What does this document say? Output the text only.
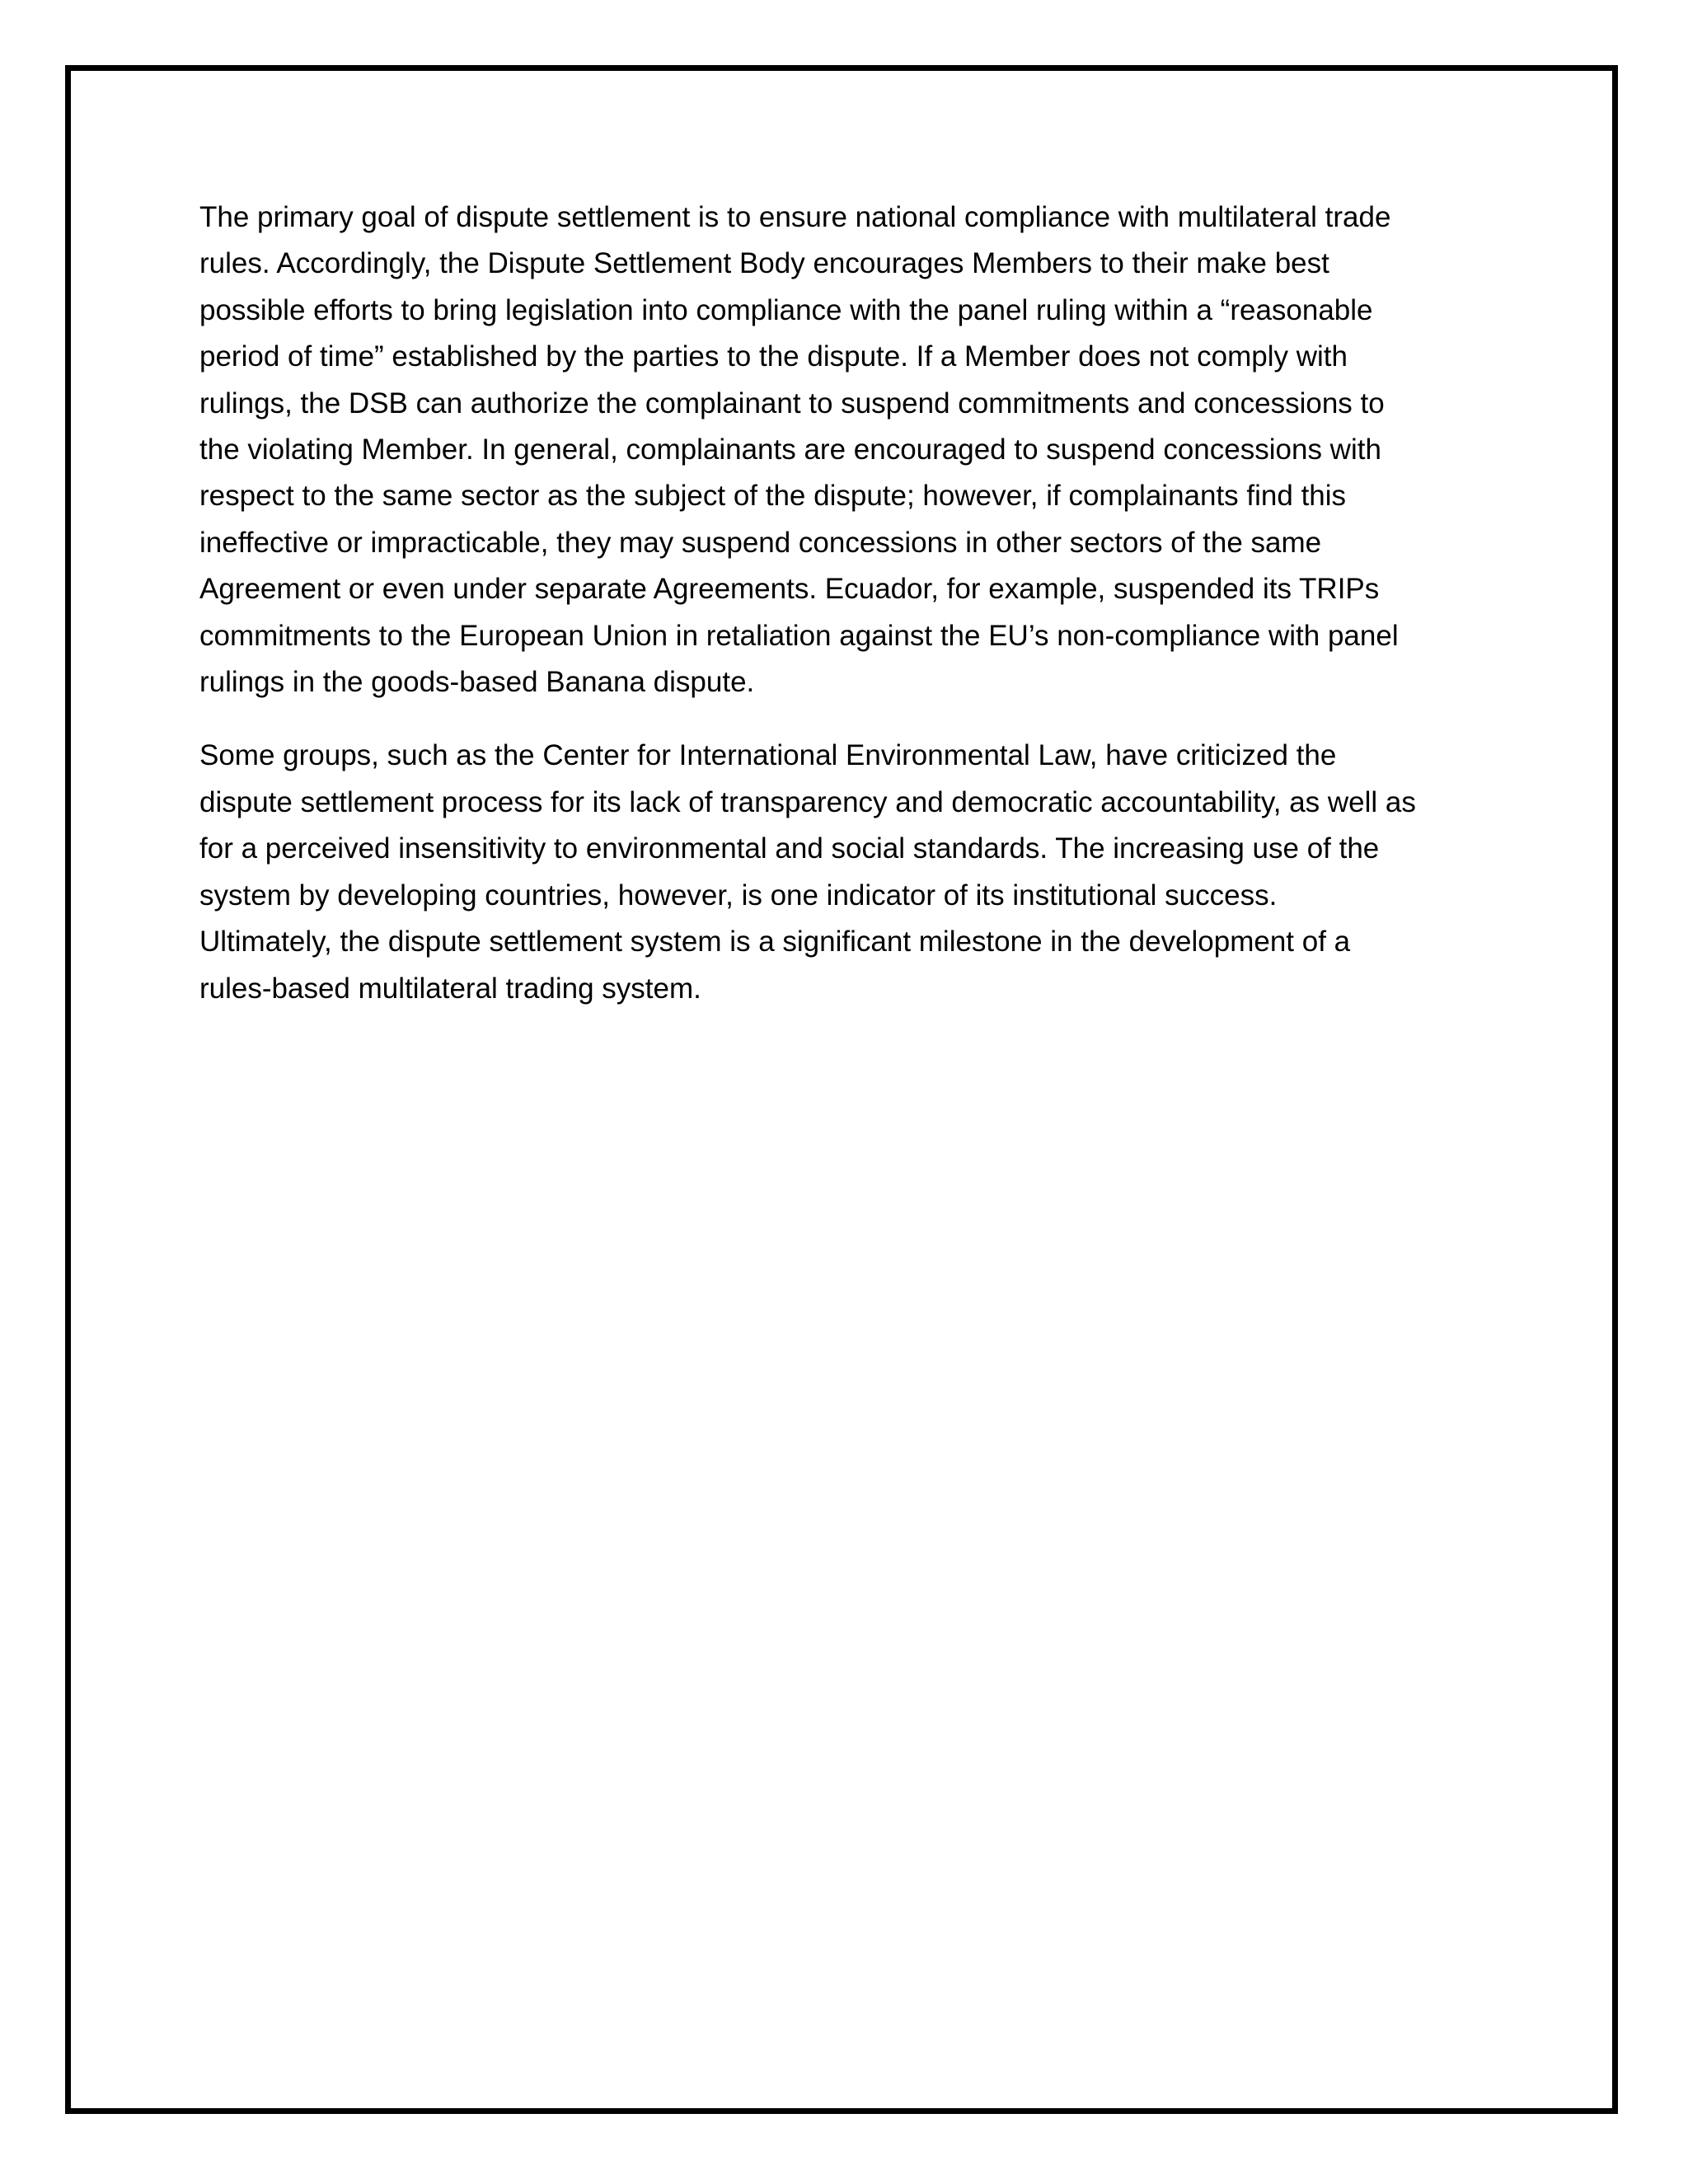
The primary goal of dispute settlement is to ensure national compliance with multilateral trade
rules. Accordingly, the Dispute Settlement Body encourages Members to their make best
possible efforts to bring legislation into compliance with the panel ruling within a “reasonable
period of time” established by the parties to the dispute. If a Member does not comply with
rulings, the DSB can authorize the complainant to suspend commitments and concessions to
the violating Member. In general, complainants are encouraged to suspend concessions with
respect to the same sector as the subject of the dispute; however, if complainants find this
ineffective or impracticable, they may suspend concessions in other sectors of the same
Agreement or even under separate Agreements. Ecuador, for example, suspended its TRIPs
commitments to the European Union in retaliation against the EU’s non-compliance with panel
rulings in the goods-based Banana dispute.

Some groups, such as the Center for International Environmental Law, have criticized the
dispute settlement process for its lack of transparency and democratic accountability, as well as
for a perceived insensitivity to environmental and social standards. The increasing use of the
system by developing countries, however, is one indicator of its institutional success.
Ultimately, the dispute settlement system is a significant milestone in the development of a
rules-based multilateral trading system.
